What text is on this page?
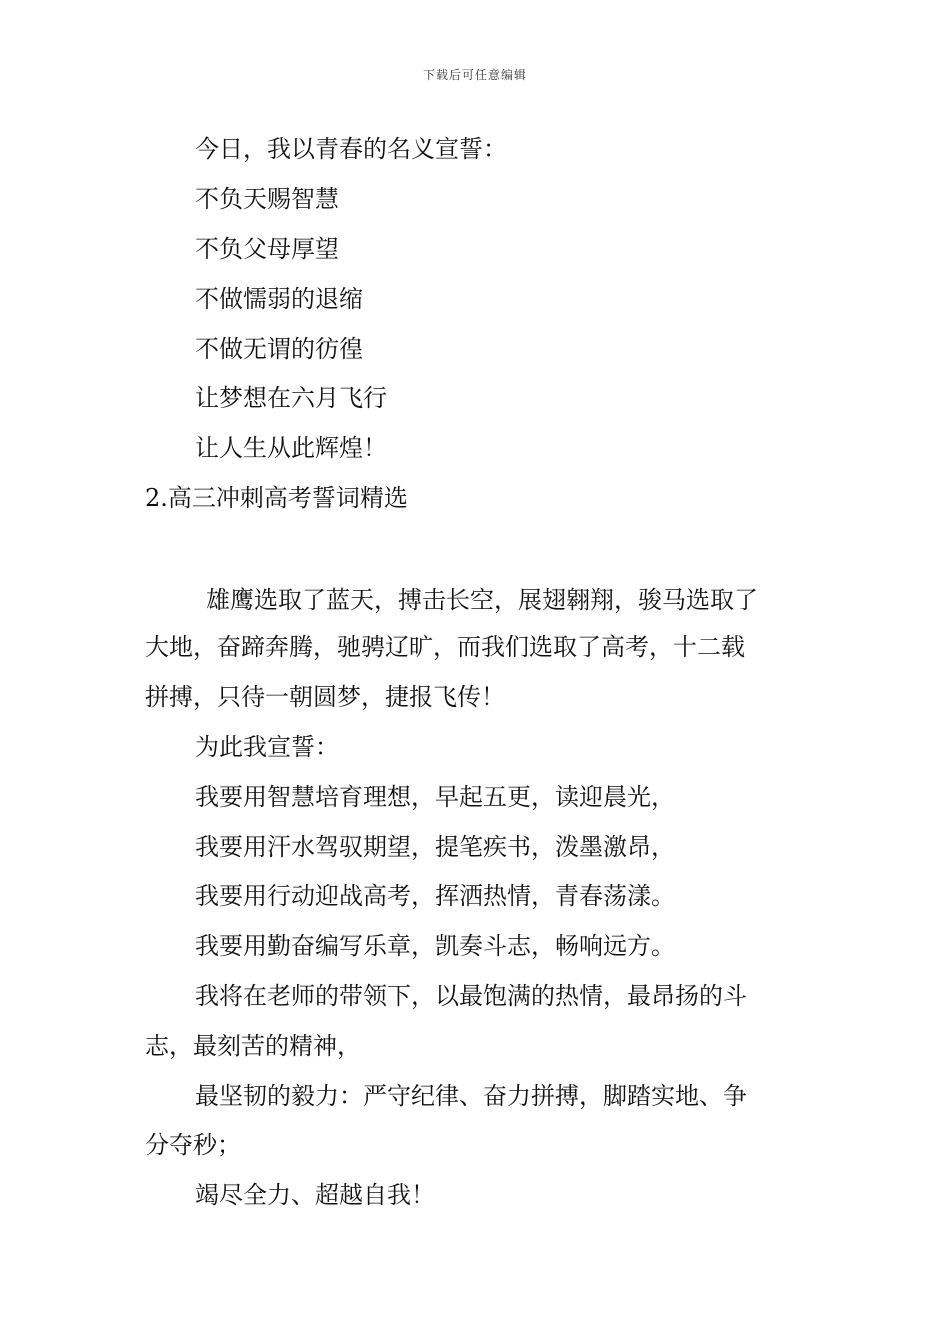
下载后可任意编辑
今日，我以青春的名义宣誓：
不负天赐智慧
不负父母厚望
不做懦弱的退缩
不做无谓的彷徨
让梦想在六月飞行
让人生从此辉煌！
2.高三冲刺高考誓词精选
雄鹰选取了蓝天，搏击长空，展翅翱翔，骏马选取了
大地，奋蹄奔腾，驰骋辽旷，而我们选取了高考，十二载
拼搏，只待一朝圆梦，捷报飞传！
为此我宣誓：
我要用智慧培育理想，早起五更，读迎晨光，
我要用汗水驾驭期望，提笔疾书，泼墨激昂，
我要用行动迎战高考，挥洒热情，青春荡漾。
我要用勤奋编写乐章，凯奏斗志，畅响远方。
我将在老师的带领下，以最饱满的热情，最昂扬的斗
志，最刻苦的精神，
最坚韧的毅力：严守纪律、奋力拼搏，脚踏实地、争
分夺秒；
竭尽全力、超越自我！
